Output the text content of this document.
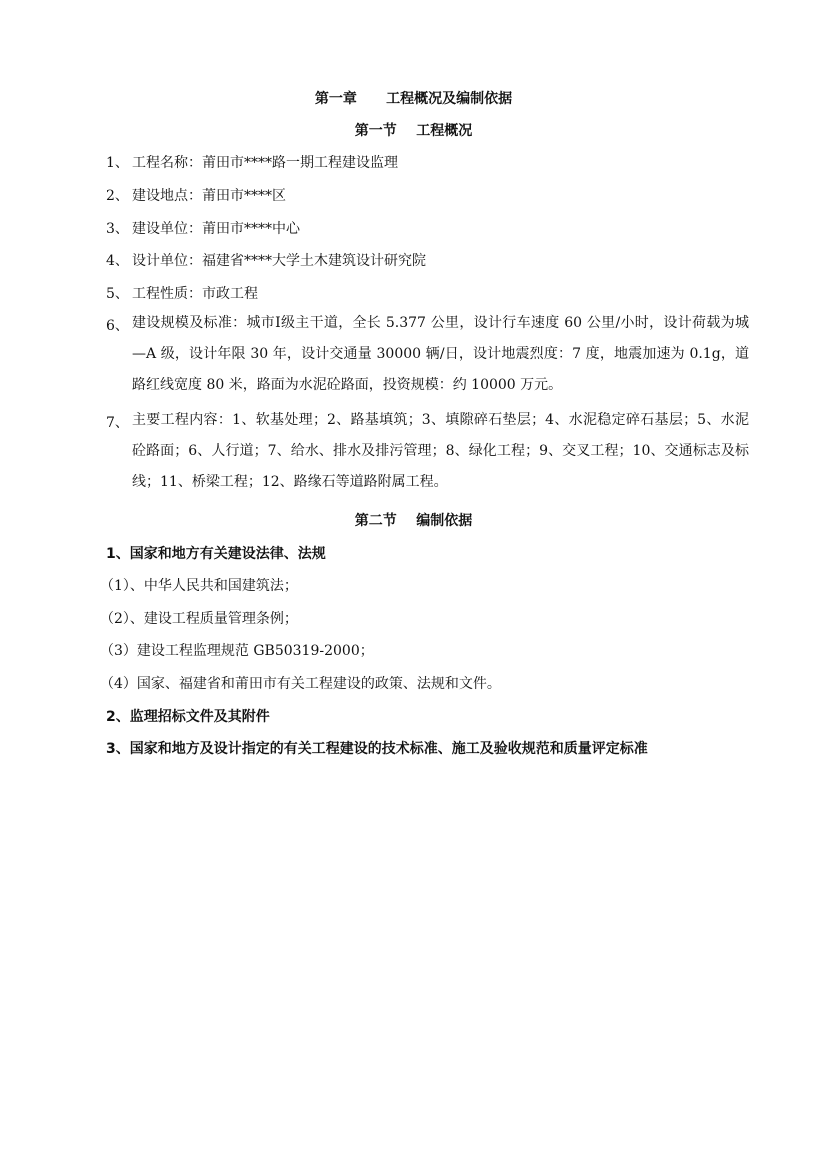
第一章      工程概况及编制依据
第一节    工程概况
1、 工程名称：莆田市****路一期工程建设监理
2、 建设地点：莆田市****区
3、 建设单位：莆田市****中心
4、 设计单位：福建省****大学土木建筑设计研究院
5、 工程性质：市政工程
6、 建设规模及标准：城市Ⅰ级主干道，全长 5.377 公里，设计行车速度 60 公里/小时，设计荷载为城—A 级，设计年限 30 年，设计交通量 30000 辆/日，设计地震烈度：7 度，地震加速为 0.1g，道路红线宽度 80 米，路面为水泥砼路面，投资规模：约 10000 万元。
7、 主要工程内容：1、软基处理；2、路基填筑；3、填隙碎石垫层；4、水泥稳定碎石基层；5、水泥砼路面；6、人行道；7、给水、排水及排污管理；8、绿化工程；9、交叉工程；10、交通标志及标线；11、桥梁工程；12、路缘石等道路附属工程。
第二节    编制依据
1、国家和地方有关建设法律、法规
（1）、中华人民共和国建筑法；
（2）、建设工程质量管理条例；
（3）建设工程监理规范 GB50319-2000；
（4）国家、福建省和莆田市有关工程建设的政策、法规和文件。
2、监理招标文件及其附件
3、国家和地方及设计指定的有关工程建设的技术标准、施工及验收规范和质量评定标准
